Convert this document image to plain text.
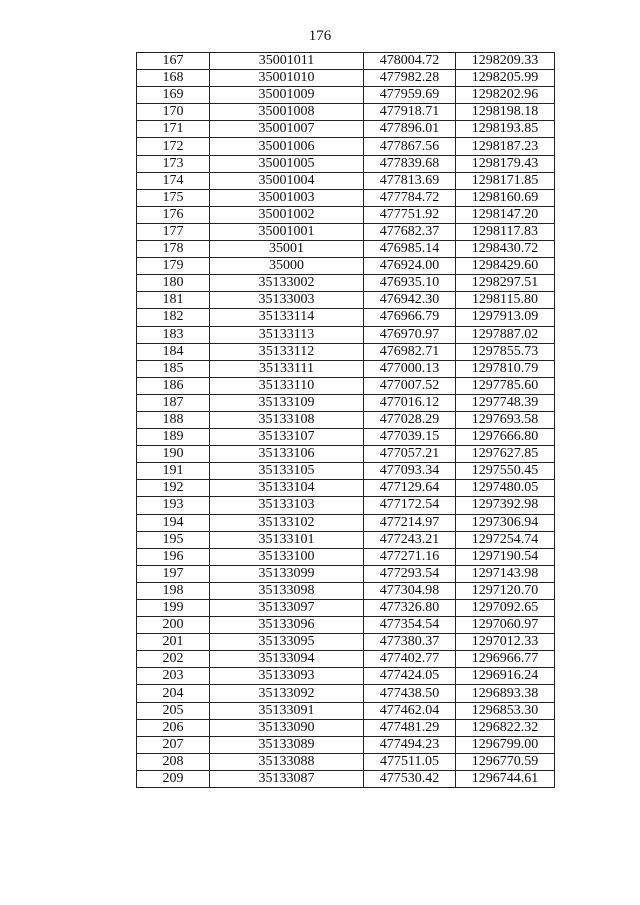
176
167	35001011	478004.72	1298209.33
168	35001010	477982.28	1298205.99
169	35001009	477959.69	1298202.96
170	35001008	477918.71	1298198.18
171	35001007	477896.01	1298193.85
172	35001006	477867.56	1298187.23
173	35001005	477839.68	1298179.43
174	35001004	477813.69	1298171.85
175	35001003	477784.72	1298160.69
176	35001002	477751.92	1298147.20
177	35001001	477682.37	1298117.83
178	35001	476985.14	1298430.72
179	35000	476924.00	1298429.60
180	35133002	476935.10	1298297.51
181	35133003	476942.30	1298115.80
182	35133114	476966.79	1297913.09
183	35133113	476970.97	1297887.02
184	35133112	476982.71	1297855.73
185	35133111	477000.13	1297810.79
186	35133110	477007.52	1297785.60
187	35133109	477016.12	1297748.39
188	35133108	477028.29	1297693.58
189	35133107	477039.15	1297666.80
190	35133106	477057.21	1297627.85
191	35133105	477093.34	1297550.45
192	35133104	477129.64	1297480.05
193	35133103	477172.54	1297392.98
194	35133102	477214.97	1297306.94
195	35133101	477243.21	1297254.74
196	35133100	477271.16	1297190.54
197	35133099	477293.54	1297143.98
198	35133098	477304.98	1297120.70
199	35133097	477326.80	1297092.65
200	35133096	477354.54	1297060.97
201	35133095	477380.37	1297012.33
202	35133094	477402.77	1296966.77
203	35133093	477424.05	1296916.24
204	35133092	477438.50	1296893.38
205	35133091	477462.04	1296853.30
206	35133090	477481.29	1296822.32
207	35133089	477494.23	1296799.00
208	35133088	477511.05	1296770.59
209	35133087	477530.42	1296744.61
